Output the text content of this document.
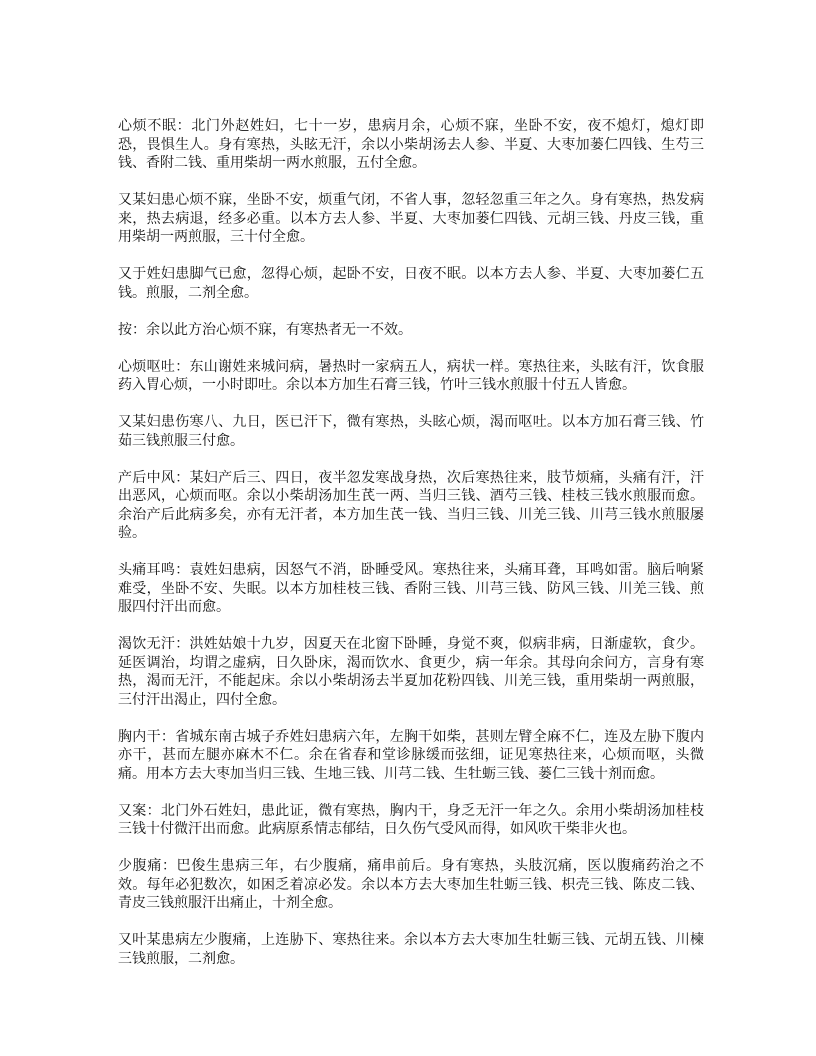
心烦不眠：北门外赵姓妇，七十一岁，患病月余，心烦不寐，坐卧不安，夜不熄灯，熄灯即恐，畏惧生人。身有寒热，头眩无汗，余以小柴胡汤去人参、半夏、大枣加蒌仁四钱、生芍三钱、香附二钱、重用柴胡一两水煎服，五付全愈。

又某妇患心烦不寐，坐卧不安，烦重气闭，不省人事，忽轻忽重三年之久。身有寒热，热发病来，热去病退，经多必重。以本方去人参、半夏、大枣加蒌仁四钱、元胡三钱、丹皮三钱，重用柴胡一两煎服，三十付全愈。

又于姓妇患脚气已愈，忽得心烦，起卧不安，日夜不眠。以本方去人参、半夏、大枣加蒌仁五钱。煎服，二剂全愈。

按：余以此方治心烦不寐，有寒热者无一不效。

心烦呕吐：东山谢姓来城问病，暑热时一家病五人，病状一样。寒热往来，头眩有汗，饮食服药入胃心烦，一小时即吐。余以本方加生石膏三钱，竹叶三钱水煎服十付五人皆愈。

又某妇患伤寒八、九日，医已汗下，微有寒热，头眩心烦，渴而呕吐。以本方加石膏三钱、竹茹三钱煎服三付愈。

产后中风：某妇产后三、四日，夜半忽发寒战身热，次后寒热往来，肢节烦痛，头痛有汗，汗出恶风，心烦而呕。余以小柴胡汤加生芪一两、当归三钱、酒芍三钱、桂枝三钱水煎服而愈。余治产后此病多矣，亦有无汗者，本方加生芪一钱、当归三钱、川羌三钱、川芎三钱水煎服屡验。

头痛耳鸣：袁姓妇患病，因怒气不消，卧睡受风。寒热往来，头痛耳聋，耳鸣如雷。脑后响紧难受，坐卧不安、失眠。以本方加桂枝三钱、香附三钱、川芎三钱、防风三钱、川羌三钱、煎服四付汗出而愈。

渴饮无汗：洪姓姑娘十九岁，因夏天在北窗下卧睡，身觉不爽，似病非病，日渐虚软，食少。延医调治，均谓之虚病，日久卧床，渴而饮水、食更少，病一年余。其母向余问方，言身有寒热，渴而无汗，不能起床。余以小柴胡汤去半夏加花粉四钱、川羌三钱，重用柴胡一两煎服，三付汗出渴止，四付全愈。

胸内干：省城东南古城子乔姓妇患病六年，左胸干如柴，甚则左臂全麻不仁，连及左胁下腹内亦干，甚而左腿亦麻木不仁。余在省春和堂诊脉缓而弦细，证见寒热往来，心烦而呕，头微痛。用本方去大枣加当归三钱、生地三钱、川芎二钱、生牡蛎三钱、蒌仁三钱十剂而愈。

又案：北门外石姓妇，患此证，微有寒热，胸内干，身乏无汗一年之久。余用小柴胡汤加桂枝三钱十付微汗出而愈。此病原系情志郁结，日久伤气受风而得，如风吹干柴非火也。

少腹痛：巴俊生患病三年，右少腹痛，痛串前后。身有寒热，头肢沉痛，医以腹痛药治之不效。每年必犯数次，如困乏着凉必发。余以本方去大枣加生牡蛎三钱、枳壳三钱、陈皮二钱、青皮三钱煎服汗出痛止，十剂全愈。

又叶某患病左少腹痛，上连胁下、寒热往来。余以本方去大枣加生牡蛎三钱、元胡五钱、川楝三钱煎服，二剂愈。
